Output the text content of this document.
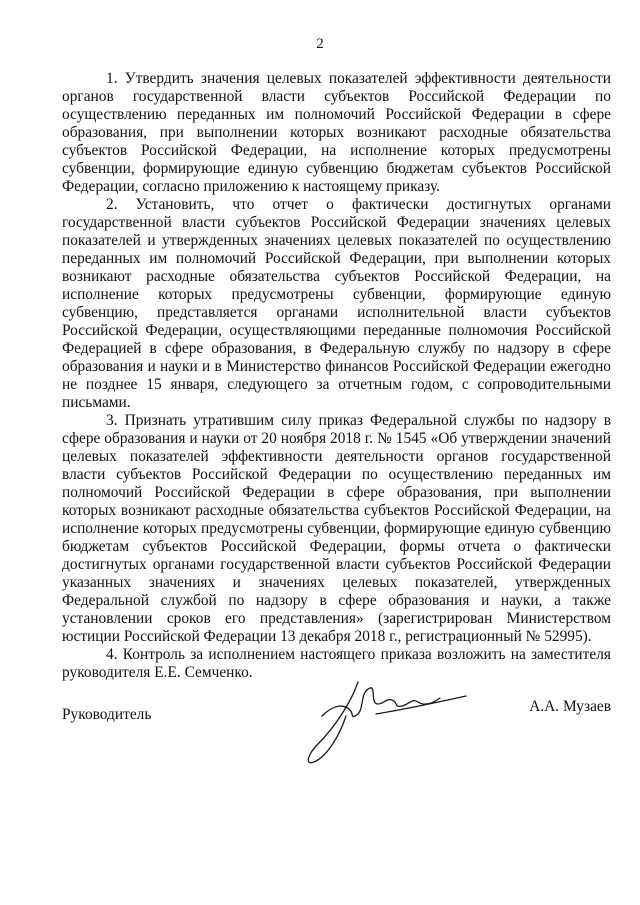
2

1. Утвердить значения целевых показателей эффективности деятельности органов государственной власти субъектов Российской Федерации по осуществлению переданных им полномочий Российской Федерации в сфере образования, при выполнении которых возникают расходные обязательства субъектов Российской Федерации, на исполнение которых предусмотрены субвенции, формирующие единую субвенцию бюджетам субъектов Российской Федерации, согласно приложению к настоящему приказу.

2. Установить, что отчет о фактически достигнутых органами государственной власти субъектов Российской Федерации значениях целевых показателей и утвержденных значениях целевых показателей по осуществлению переданных им полномочий Российской Федерации, при выполнении которых возникают расходные обязательства субъектов Российской Федерации, на исполнение которых предусмотрены субвенции, формирующие единую субвенцию, представляется органами исполнительной власти субъектов Российской Федерации, осуществляющими переданные полномочия Российской Федерацией в сфере образования, в Федеральную службу по надзору в сфере образования и науки и в Министерство финансов Российской Федерации ежегодно не позднее 15 января, следующего за отчетным годом, с сопроводительными письмами.

3. Признать утратившим силу приказ Федеральной службы по надзору в сфере образования и науки от 20 ноября 2018 г. № 1545 «Об утверждении значений целевых показателей эффективности деятельности органов государственной власти субъектов Российской Федерации по осуществлению переданных им полномочий Российской Федерации в сфере образования, при выполнении которых возникают расходные обязательства субъектов Российской Федерации, на исполнение которых предусмотрены субвенции, формирующие единую субвенцию бюджетам субъектов Российской Федерации, формы отчета о фактически достигнутых органами государственной власти субъектов Российской Федерации указанных значениях и значениях целевых показателей, утвержденных Федеральной службой по надзору в сфере образования и науки, а также установлении сроков его представления» (зарегистрирован Министерством юстиции Российской Федерации 13 декабря 2018 г., регистрационный № 52995).

4. Контроль за исполнением настоящего приказа возложить на заместителя руководителя Е.Е. Семченко.

Руководитель	А.А. Музаев
